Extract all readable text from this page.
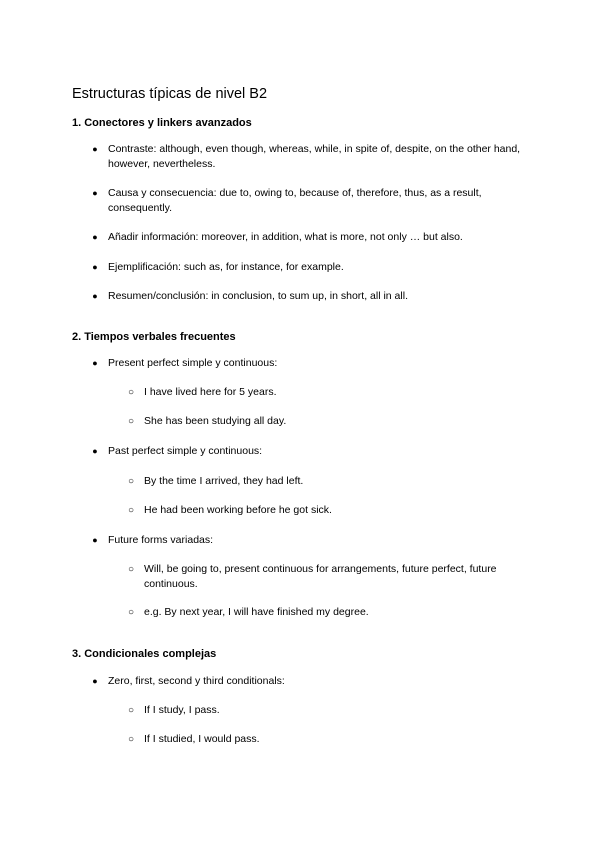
Estructuras típicas de nivel B2
1. Conectores y linkers avanzados
● Contraste: although, even though, whereas, while, in spite of, despite, on the other hand, however, nevertheless.
● Causa y consecuencia: due to, owing to, because of, therefore, thus, as a result, consequently.
● Añadir información: moreover, in addition, what is more, not only … but also.
● Ejemplificación: such as, for instance, for example.
● Resumen/conclusión: in conclusion, to sum up, in short, all in all.
2. Tiempos verbales frecuentes
● Present perfect simple y continuous:
○ I have lived here for 5 years.
○ She has been studying all day.
● Past perfect simple y continuous:
○ By the time I arrived, they had left.
○ He had been working before he got sick.
● Future forms variadas:
○ Will, be going to, present continuous for arrangements, future perfect, future continuous.
○ e.g. By next year, I will have finished my degree.
3. Condicionales complejas
● Zero, first, second y third conditionals:
○ If I study, I pass.
○ If I studied, I would pass.
